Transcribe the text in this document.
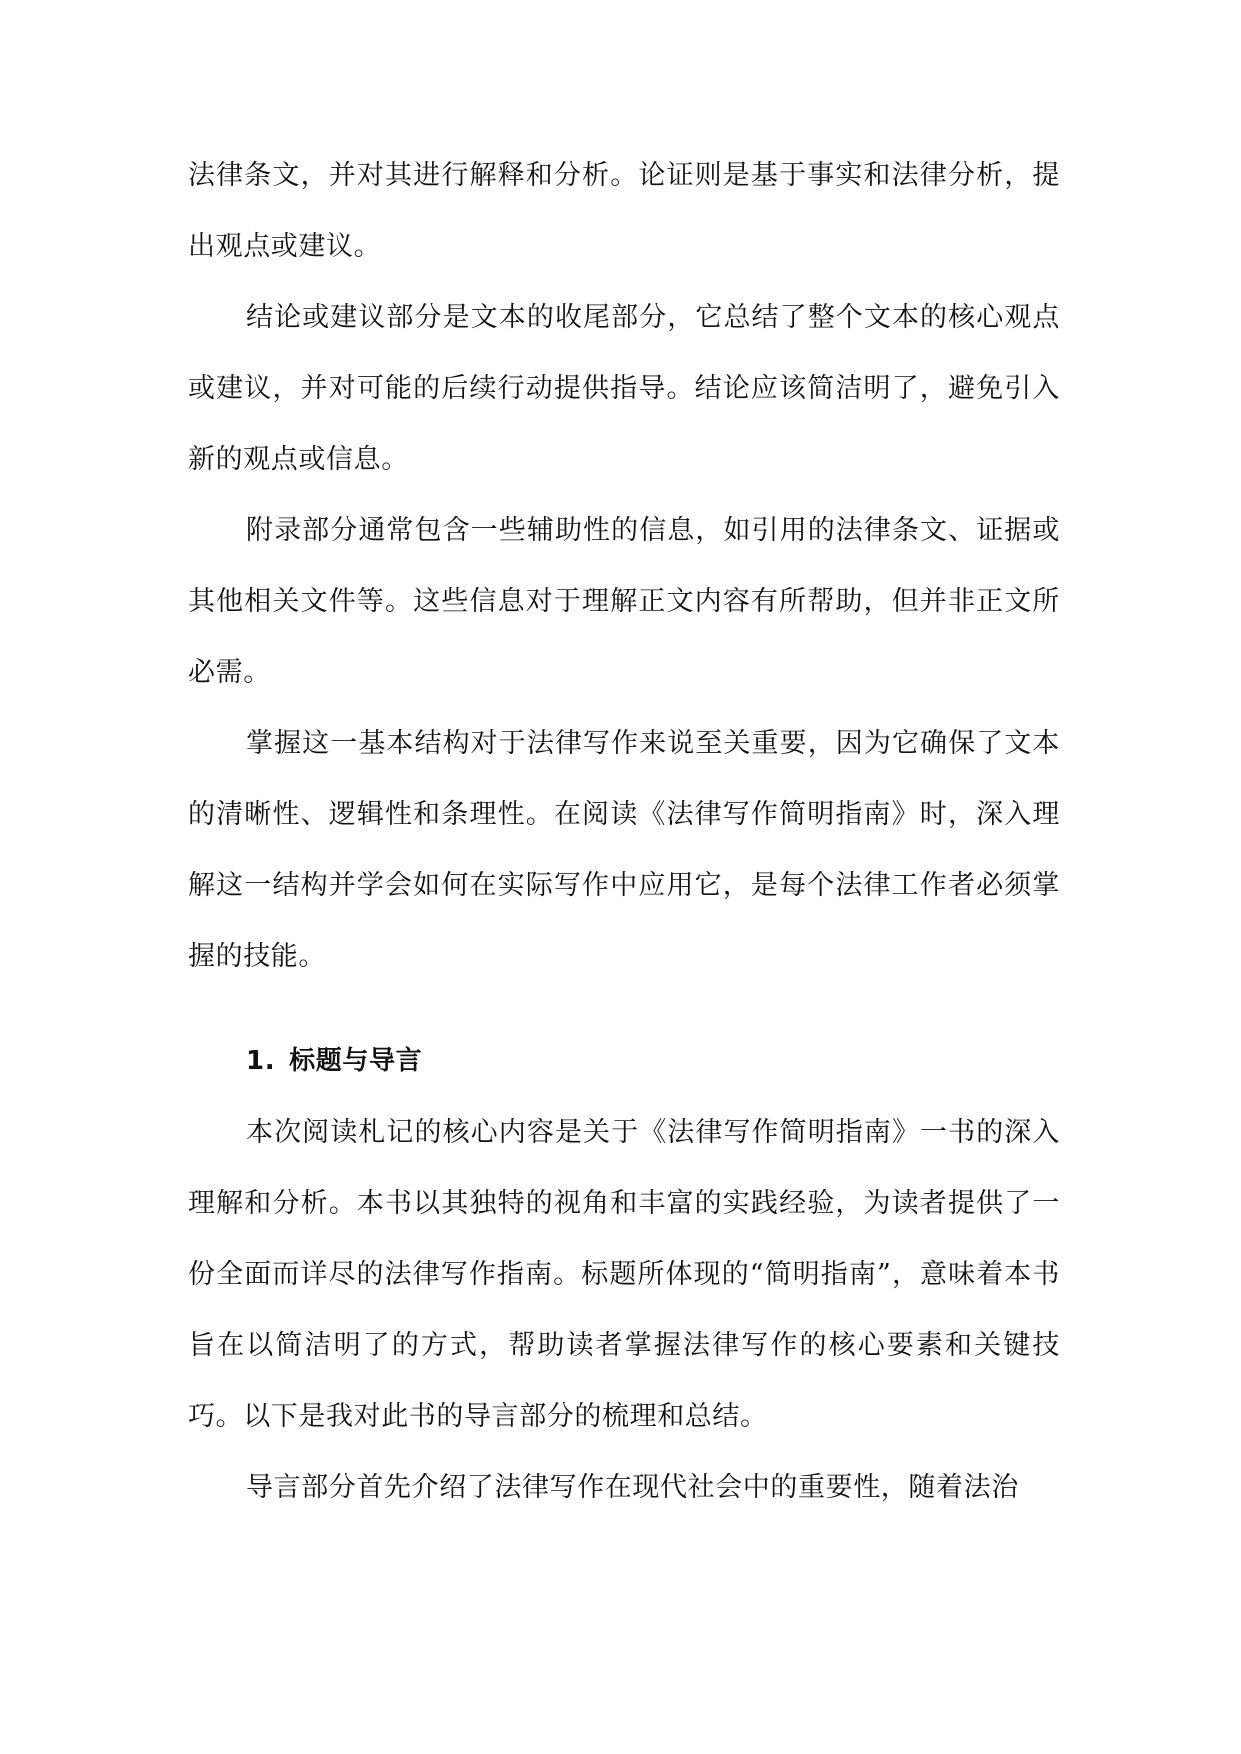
法律条文，并对其进行解释和分析。论证则是基于事实和法律分析，提出观点或建议。

结论或建议部分是文本的收尾部分，它总结了整个文本的核心观点或建议，并对可能的后续行动提供指导。结论应该简洁明了，避免引入新的观点或信息。

附录部分通常包含一些辅助性的信息，如引用的法律条文、证据或其他相关文件等。这些信息对于理解正文内容有所帮助，但并非正文所必需。

掌握这一基本结构对于法律写作来说至关重要，因为它确保了文本的清晰性、逻辑性和条理性。在阅读《法律写作简明指南》时，深入理解这一结构并学会如何在实际写作中应用它，是每个法律工作者必须掌握的技能。

1. 标题与导言

本次阅读札记的核心内容是关于《法律写作简明指南》一书的深入理解和分析。本书以其独特的视角和丰富的实践经验，为读者提供了一份全面而详尽的法律写作指南。标题所体现的“简明指南”，意味着本书旨在以简洁明了的方式，帮助读者掌握法律写作的核心要素和关键技巧。以下是我对此书的导言部分的梳理和总结。

导言部分首先介绍了法律写作在现代社会中的重要性，随着法治
